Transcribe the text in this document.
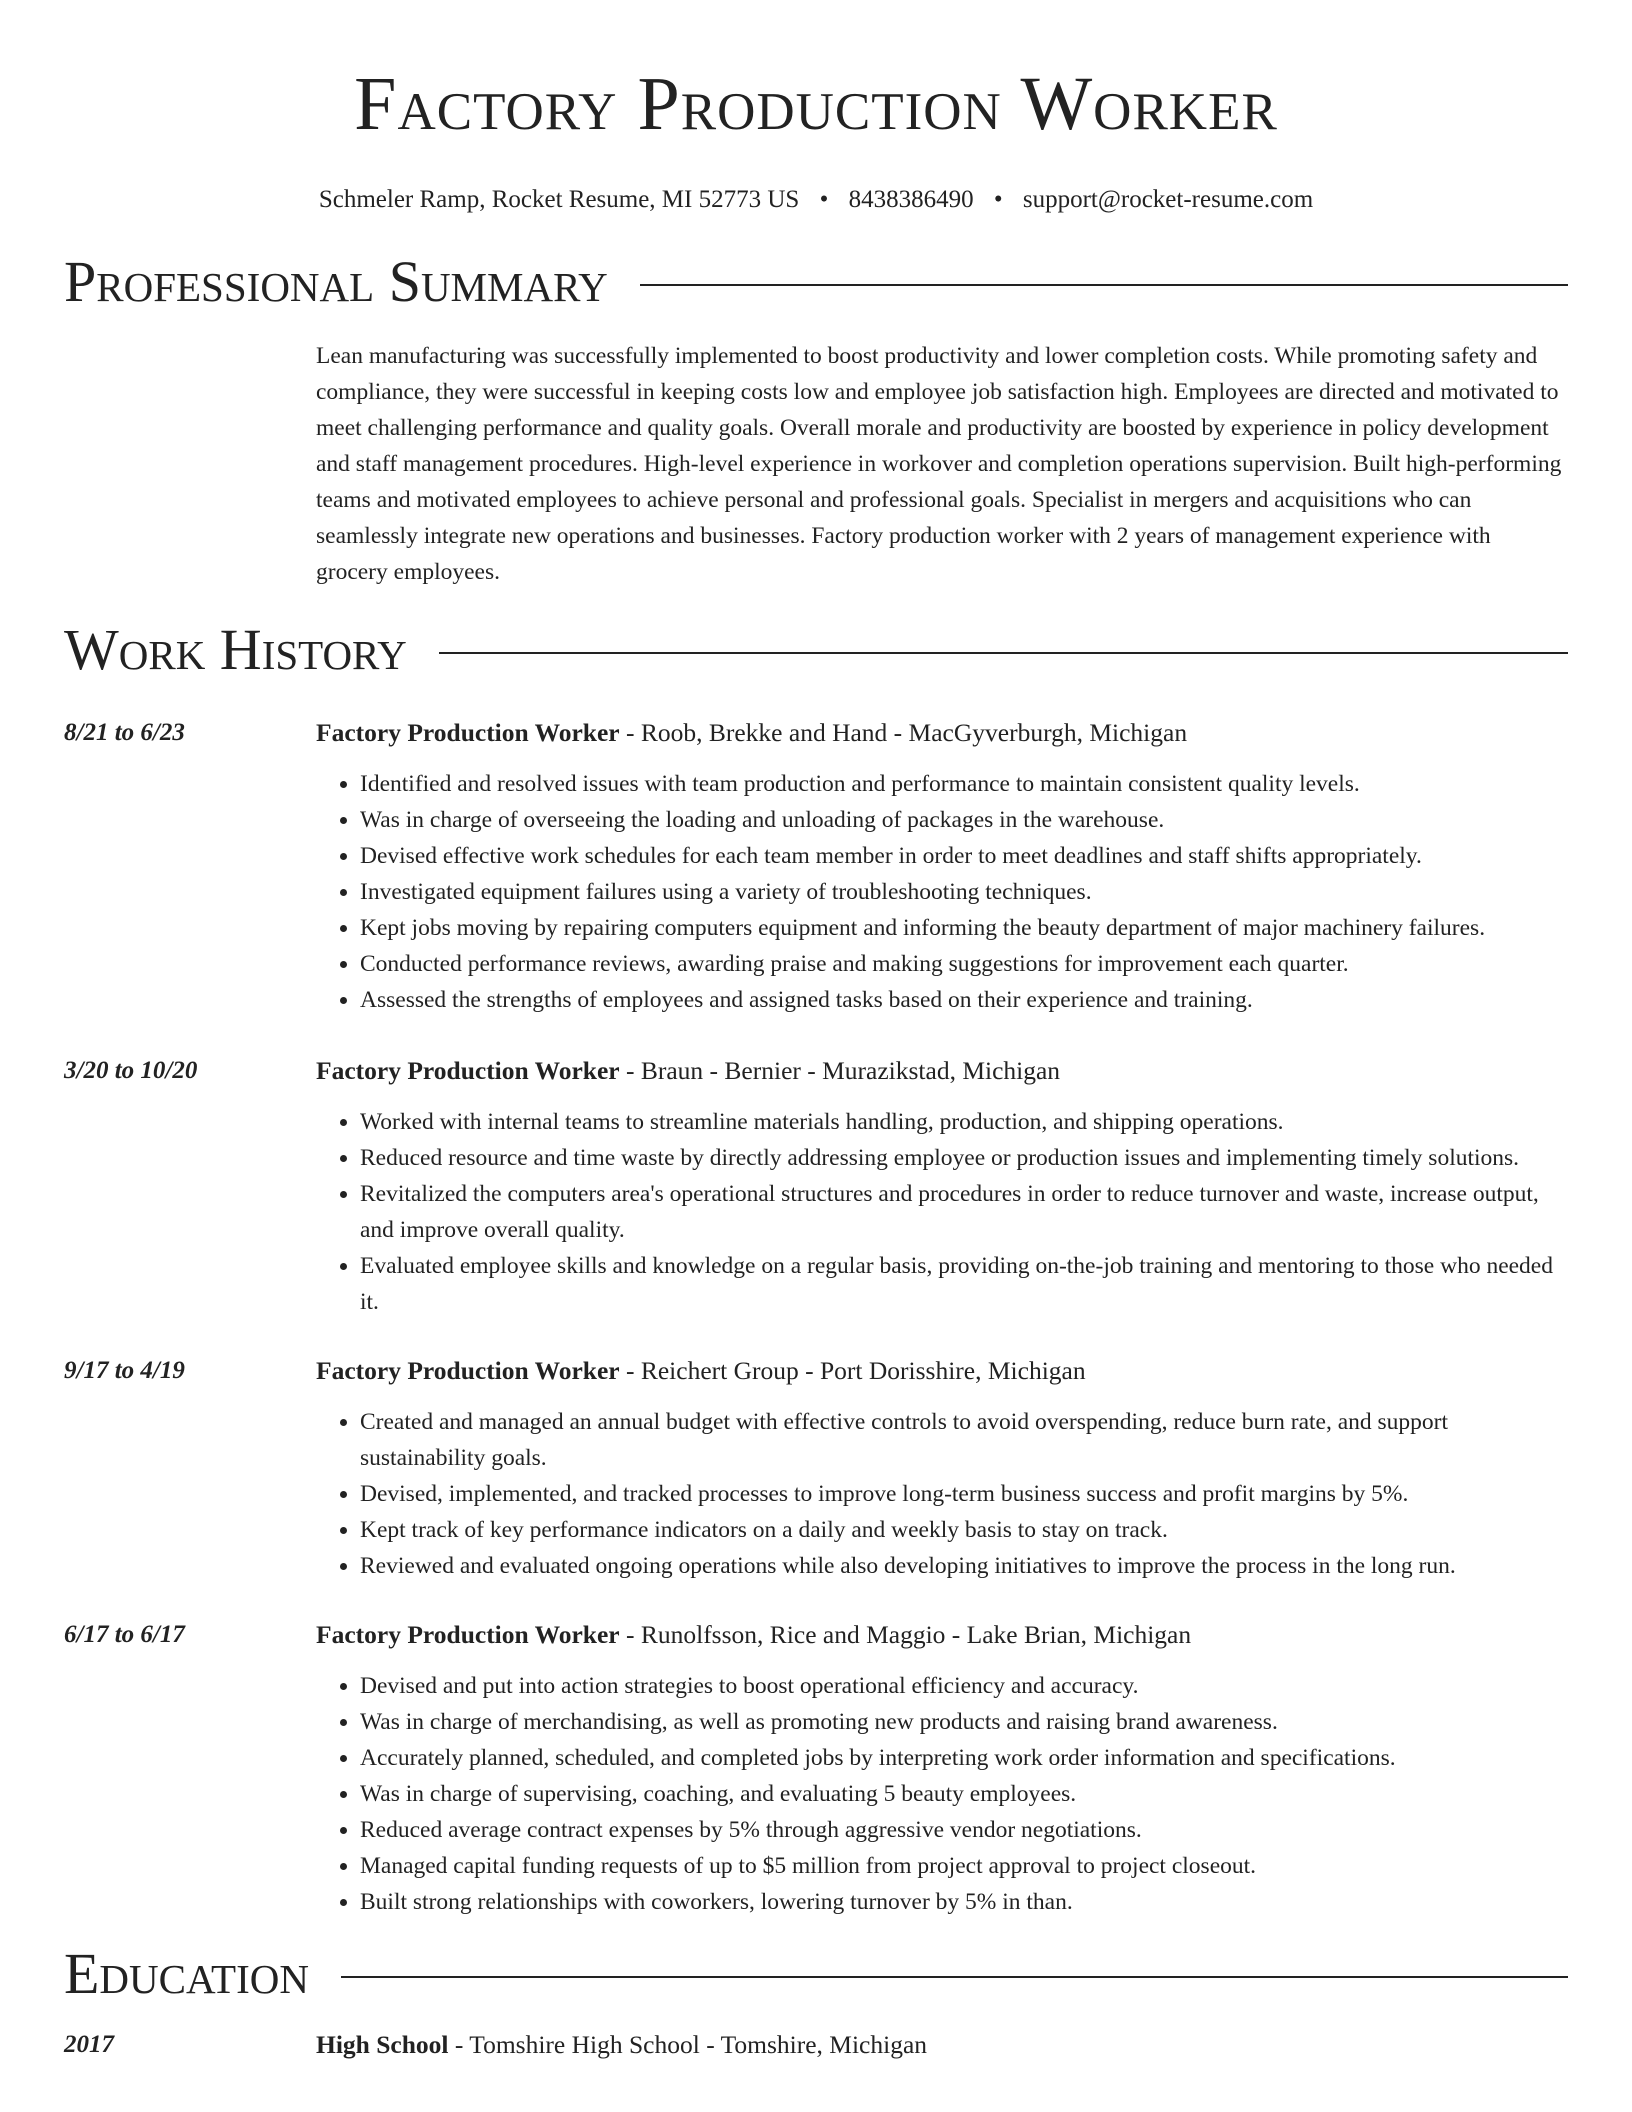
Factory Production Worker
Schmeler Ramp, Rocket Resume, MI 52773 US • 8438386490 • support@rocket-resume.com
Professional Summary
Lean manufacturing was successfully implemented to boost productivity and lower completion costs. While promoting safety and compliance, they were successful in keeping costs low and employee job satisfaction high. Employees are directed and motivated to meet challenging performance and quality goals. Overall morale and productivity are boosted by experience in policy development and staff management procedures. High-level experience in workover and completion operations supervision. Built high-performing teams and motivated employees to achieve personal and professional goals. Specialist in mergers and acquisitions who can seamlessly integrate new operations and businesses. Factory production worker with 2 years of management experience with grocery employees.
Work History
8/21 to 6/23	Factory Production Worker - Roob, Brekke and Hand - MacGyverburgh, Michigan
• Identified and resolved issues with team production and performance to maintain consistent quality levels.
• Was in charge of overseeing the loading and unloading of packages in the warehouse.
• Devised effective work schedules for each team member in order to meet deadlines and staff shifts appropriately.
• Investigated equipment failures using a variety of troubleshooting techniques.
• Kept jobs moving by repairing computers equipment and informing the beauty department of major machinery failures.
• Conducted performance reviews, awarding praise and making suggestions for improvement each quarter.
• Assessed the strengths of employees and assigned tasks based on their experience and training.
3/20 to 10/20	Factory Production Worker - Braun - Bernier - Murazikstad, Michigan
• Worked with internal teams to streamline materials handling, production, and shipping operations.
• Reduced resource and time waste by directly addressing employee or production issues and implementing timely solutions.
• Revitalized the computers area's operational structures and procedures in order to reduce turnover and waste, increase output, and improve overall quality.
• Evaluated employee skills and knowledge on a regular basis, providing on-the-job training and mentoring to those who needed it.
9/17 to 4/19	Factory Production Worker - Reichert Group - Port Dorisshire, Michigan
• Created and managed an annual budget with effective controls to avoid overspending, reduce burn rate, and support sustainability goals.
• Devised, implemented, and tracked processes to improve long-term business success and profit margins by 5%.
• Kept track of key performance indicators on a daily and weekly basis to stay on track.
• Reviewed and evaluated ongoing operations while also developing initiatives to improve the process in the long run.
6/17 to 6/17	Factory Production Worker - Runolfsson, Rice and Maggio - Lake Brian, Michigan
• Devised and put into action strategies to boost operational efficiency and accuracy.
• Was in charge of merchandising, as well as promoting new products and raising brand awareness.
• Accurately planned, scheduled, and completed jobs by interpreting work order information and specifications.
• Was in charge of supervising, coaching, and evaluating 5 beauty employees.
• Reduced average contract expenses by 5% through aggressive vendor negotiations.
• Managed capital funding requests of up to $5 million from project approval to project closeout.
• Built strong relationships with coworkers, lowering turnover by 5% in than.
Education
2017	High School - Tomshire High School - Tomshire, Michigan
